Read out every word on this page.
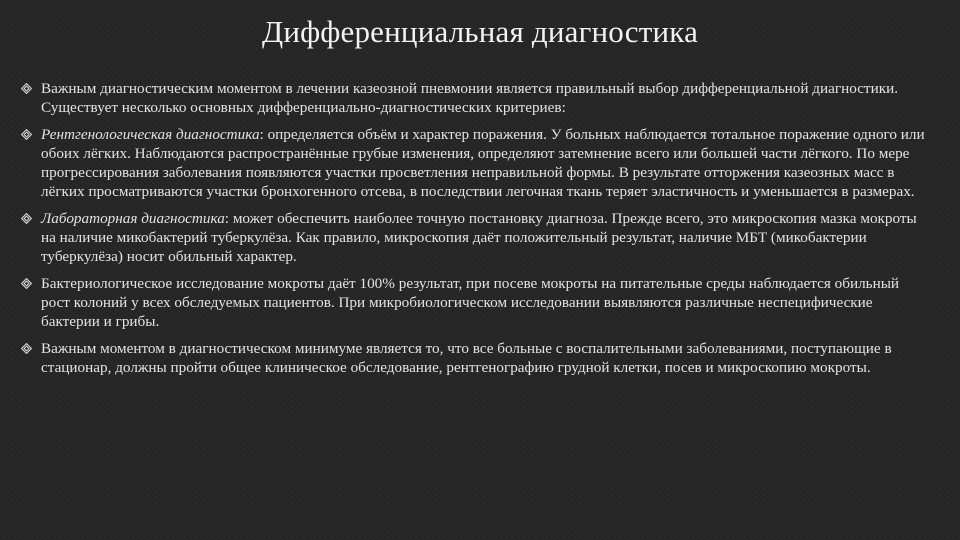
Дифференциальная диагностика
Важным диагностическим моментом в лечении казеозной пневмонии является правильный выбор дифференциальной диагностики. Существует несколько основных дифференциально-диагностических критериев:
Рентгенологическая диагностика: определяется объём и характер поражения. У больных наблюдается тотальное поражение одного или обоих лёгких. Наблюдаются распространённые грубые изменения, определяют затемнение всего или большей части лёгкого. По мере прогрессирования заболевания появляются участки просветления неправильной формы. В результате отторжения казеозных масс в лёгких просматриваются участки бронхогенного отсева, в последствии легочная ткань теряет эластичность и уменьшается в размерах.
Лабораторная диагностика: может обеспечить наиболее точную постановку диагноза. Прежде всего, это микроскопия мазка мокроты на наличие микобактерий туберкулёза. Как правило, микроскопия даёт положительный результат, наличие МБТ (микобактерии туберкулёза) носит обильный характер.
Бактериологическое исследование мокроты даёт 100% результат, при посеве мокроты на питательные среды наблюдается обильный рост колоний у всех обследуемых пациентов. При микробиологическом исследовании выявляются различные неспецифические бактерии и грибы.
Важным моментом в диагностическом минимуме является то, что все больные с воспалительными заболеваниями, поступающие в стационар, должны пройти общее клиническое обследование, рентгенографию грудной клетки, посев и микроскопию мокроты.
